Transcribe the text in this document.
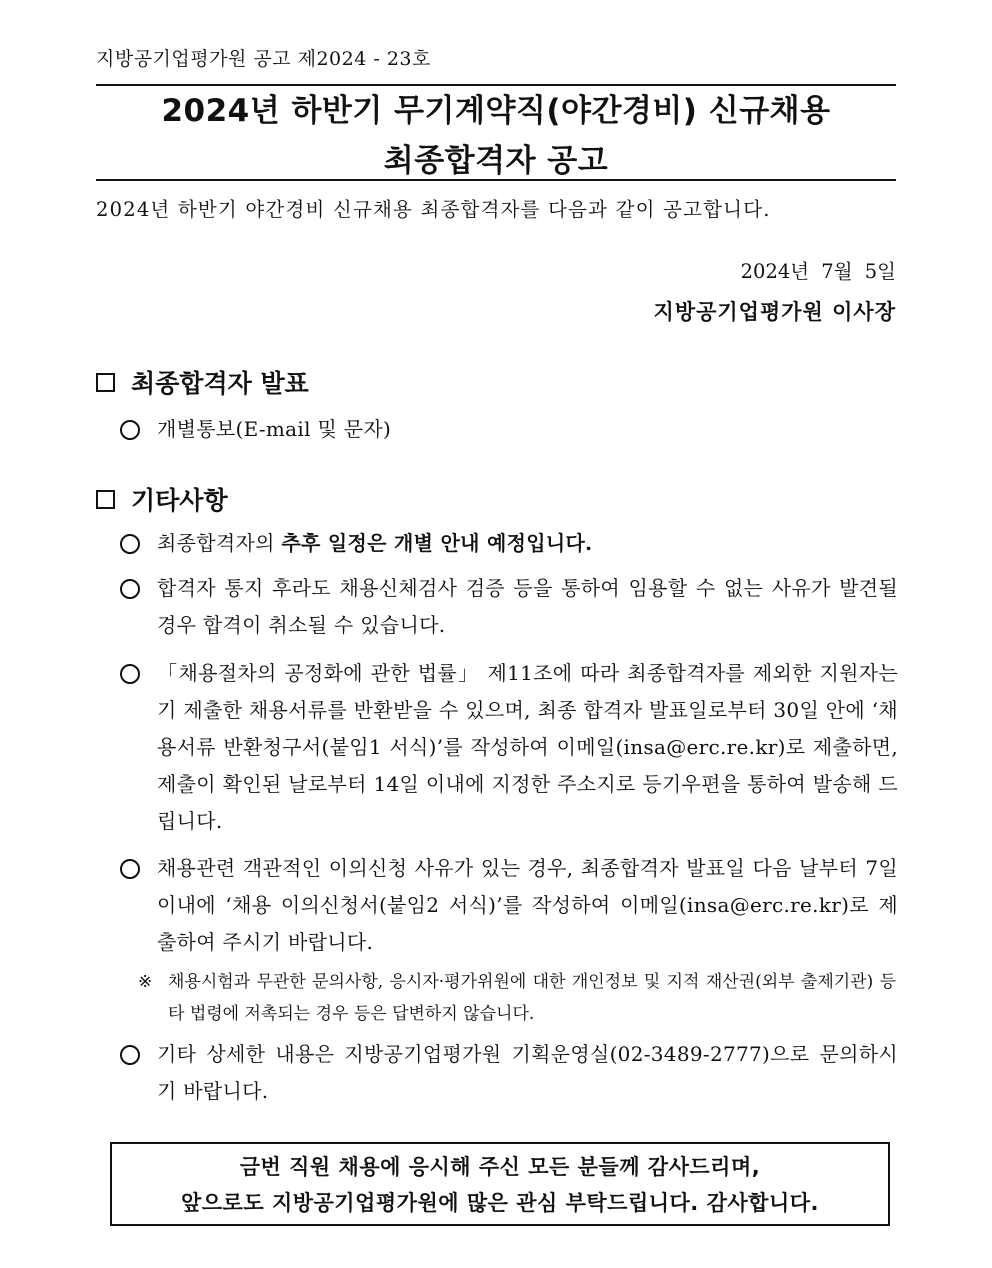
지방공기업평가원 공고 제2024 - 23호
2024년 하반기 무기계약직(야간경비) 신규채용
최종합격자 공고
2024년 하반기 야간경비 신규채용 최종합격자를 다음과 같이 공고합니다.
2024년 7월 5일
지방공기업평가원 이사장
최종합격자 발표
개별통보(E-mail 및 문자)
기타사항
최종합격자의 추후 일정은 개별 안내 예정입니다.
합격자 통지 후라도 채용신체검사 검증 등을 통하여 임용할 수 없는 사유가 발견될 경우 합격이 취소될 수 있습니다.
「채용절차의 공정화에 관한 법률」 제11조에 따라 최종합격자를 제외한 지원자는 기 제출한 채용서류를 반환받을 수 있으며, 최종 합격자 발표일로부터 30일 안에 ‘채용서류 반환청구서(붙임1 서식)’를 작성하여 이메일(insa@erc.re.kr)로 제출하면, 제출이 확인된 날로부터 14일 이내에 지정한 주소지로 등기우편을 통하여 발송해 드립니다.
채용관련 객관적인 이의신청 사유가 있는 경우, 최종합격자 발표일 다음 날부터 7일 이내에 ‘채용 이의신청서(붙임2 서식)’를 작성하여 이메일(insa@erc.re.kr)로 제출하여 주시기 바랍니다.
※ 채용시험과 무관한 문의사항, 응시자·평가위원에 대한 개인정보 및 지적 재산권(외부 출제기관) 등 타 법령에 저촉되는 경우 등은 답변하지 않습니다.
기타 상세한 내용은 지방공기업평가원 기획운영실(02-3489-2777)으로 문의하시기 바랍니다.
금번 직원 채용에 응시해 주신 모든 분들께 감사드리며,
앞으로도 지방공기업평가원에 많은 관심 부탁드립니다. 감사합니다.
